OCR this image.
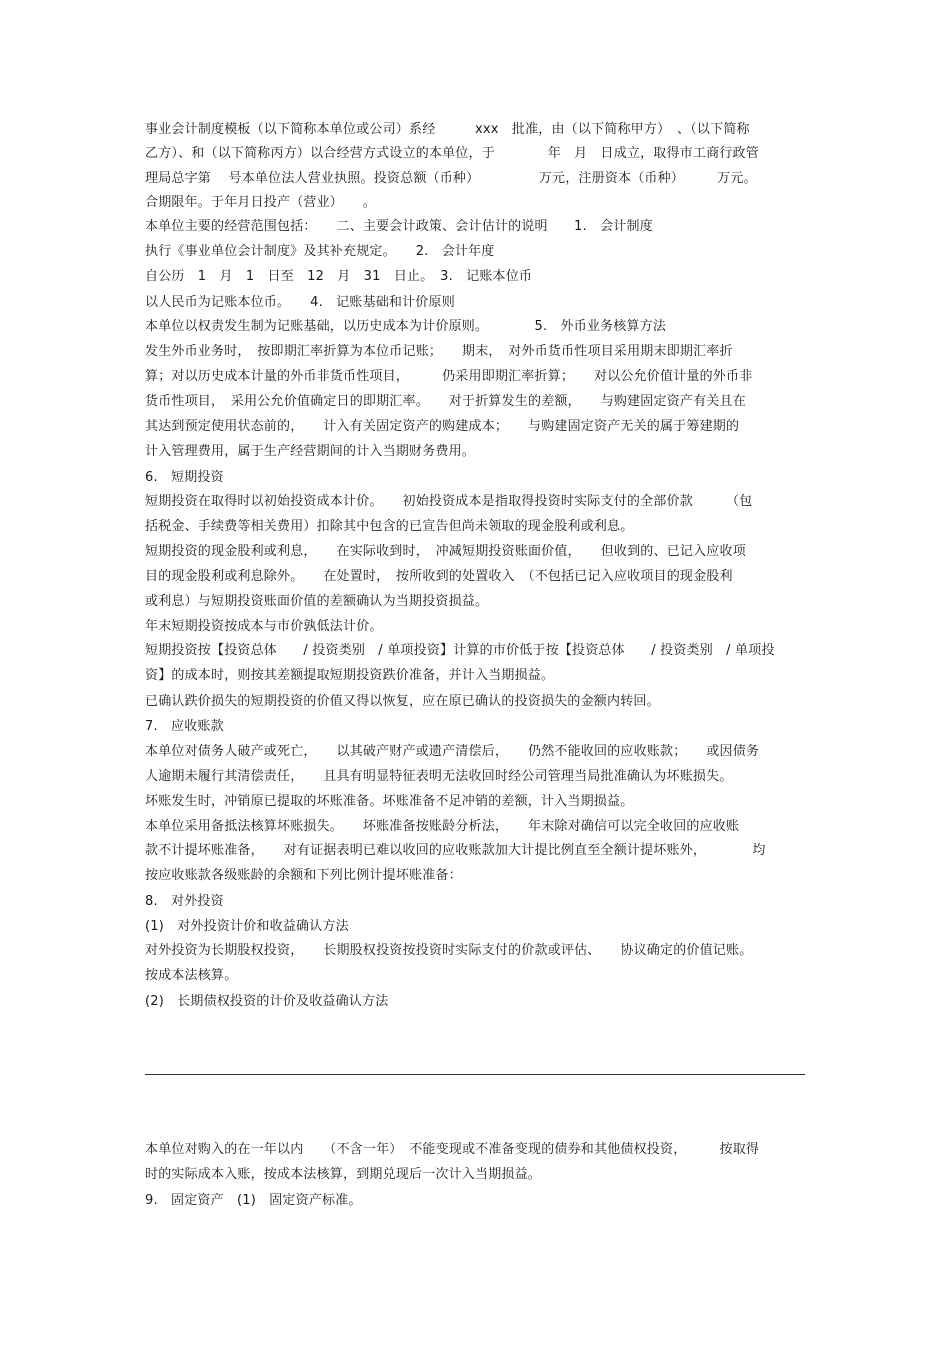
事业会计制度模板（以下简称本单位或公司）系经　　　xxx　批准，由（以下简称甲方）　、（以下简称
乙方）、和（以下简称丙方）以合经营方式设立的本单位，于　　　　年　月　日成立，取得市工商行政管
理局总字第　 号本单位法人营业执照。投资总额（币种）　　　　　万元，注册资本（币种）　　　万元。
合期限年。于年月日投产（营业）　　。
本单位主要的经营范围包括：　　二、主要会计政策、会计估计的说明　　1.　会计制度
执行《事业单位会计制度》及其补充规定。　　2.　会计年度
自公历　1　月　1　日至　12　月　31　日止。　3.　记账本位币
以人民币为记账本位币。　　4.　记账基础和计价原则
本单位以权责发生制为记账基础，以历史成本为计价原则。　　　　5.　外币业务核算方法
发生外币业务时，　按即期汇率折算为本位币记账；　　期末，　对外币货币性项目采用期末即期汇率折
算；对以历史成本计量的外币非货币性项目，　　　仍采用即期汇率折算；　　对以公允价值计量的外币非
货币性项目，　采用公允价值确定日的即期汇率。　　对于折算发生的差额，　　与购建固定资产有关且在
其达到预定使用状态前的，　　计入有关固定资产的购建成本；　　与购建固定资产无关的属于筹建期的
计入管理费用，属于生产经营期间的计入当期财务费用。
6.　短期投资
短期投资在取得时以初始投资成本计价。　　初始投资成本是指取得投资时实际支付的全部价款　　　（包
括税金、手续费等相关费用）扣除其中包含的已宣告但尚未领取的现金股利或利息。
短期投资的现金股利或利息，　　在实际收到时，　冲减短期投资账面价值，　　但收到的、已记入应收项
目的现金股利或利息除外。　　在处置时，　按所收到的处置收入　（不包括已记入应收项目的现金股利
或利息）与短期投资账面价值的差额确认为当期投资损益。
年末短期投资按成本与市价孰低法计价。
短期投资按【投资总体　　/ 投资类别　/ 单项投资】计算的市价低于按【投资总体　　/ 投资类别　/ 单项投
资】的成本时，则按其差额提取短期投资跌价准备，并计入当期损益。
已确认跌价损失的短期投资的价值又得以恢复，应在原已确认的投资损失的金额内转回。
7.　应收账款
本单位对债务人破产或死亡，　　以其破产财产或遗产清偿后，　　仍然不能收回的应收账款；　　或因债务
人逾期未履行其清偿责任，　　且具有明显特征表明无法收回时经公司管理当局批准确认为坏账损失。
坏账发生时，冲销原已提取的坏账准备。坏账准备不足冲销的差额，计入当期损益。
本单位采用备抵法核算坏账损失。　　坏账准备按账龄分析法，　　年末除对确信可以完全收回的应收账
款不计提坏账准备，　　对有证据表明已难以收回的应收账款加大计提比例直至全额计提坏账外，　　　　均
按应收账款各级账龄的余额和下列比例计提坏账准备：
8.　对外投资
(1)　对外投资计价和收益确认方法
对外投资为长期股权投资，　　长期股权投资按投资时实际支付的价款或评估、　　协议确定的价值记账。
按成本法核算。
(2)　长期债权投资的计价及收益确认方法
本单位对购入的在一年以内　　（不含一年）　不能变现或不准备变现的债券和其他债权投资，　　　按取得
时的实际成本入账，按成本法核算，到期兑现后一次计入当期损益。
9.　固定资产　(1)　固定资产标准。
